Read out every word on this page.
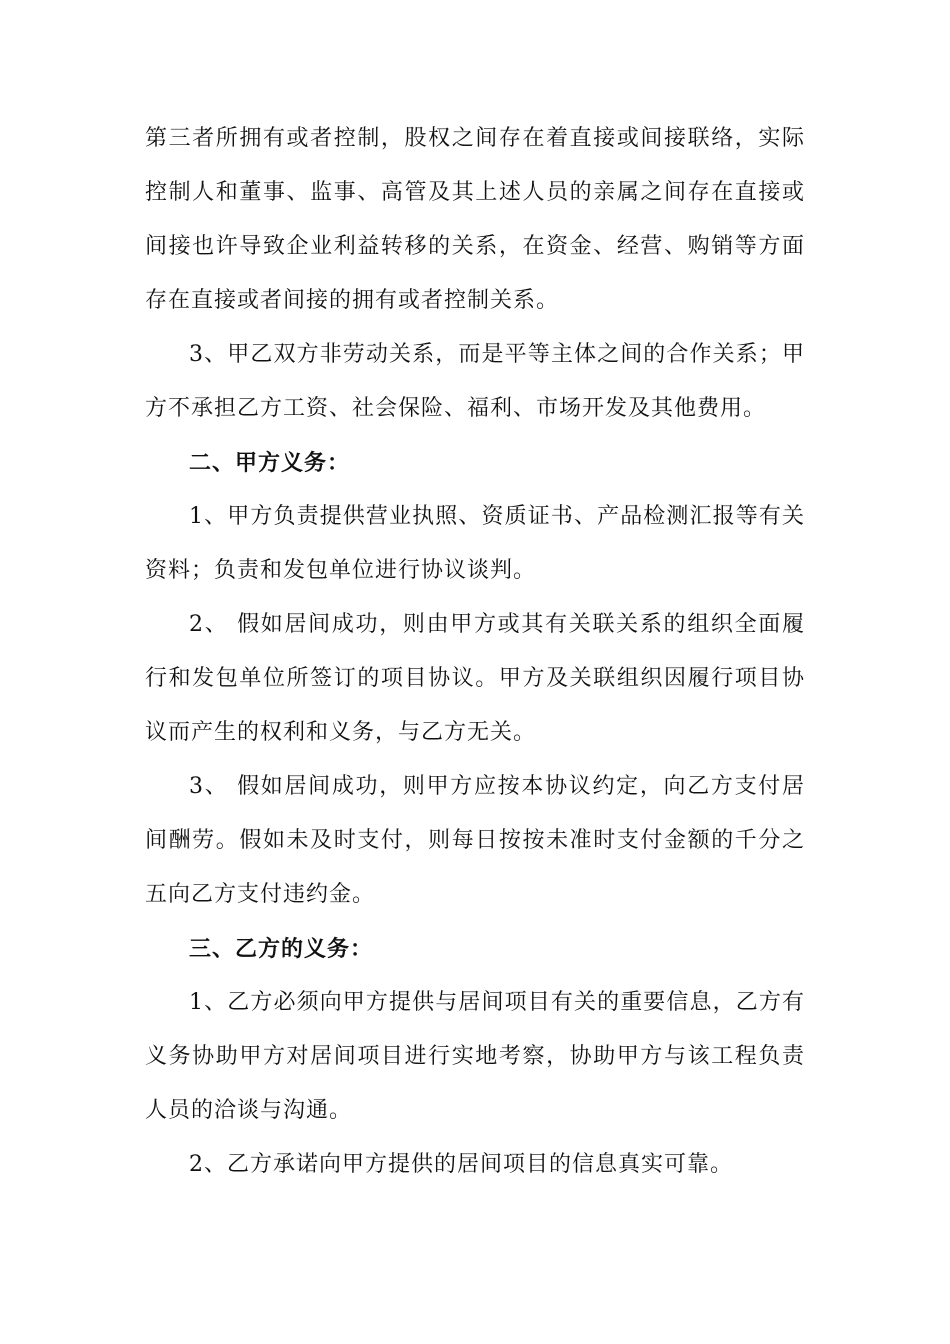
第三者所拥有或者控制，股权之间存在着直接或间接联络，实际控制人和董事、监事、高管及其上述人员的亲属之间存在直接或间接也许导致企业利益转移的关系，在资金、经营、购销等方面存在直接或者间接的拥有或者控制关系。

3、甲乙双方非劳动关系，而是平等主体之间的合作关系；甲方不承担乙方工资、社会保险、福利、市场开发及其他费用。

二、甲方义务：

1、甲方负责提供营业执照、资质证书、产品检测汇报等有关资料；负责和发包单位进行协议谈判。

2、 假如居间成功，则由甲方或其有关联关系的组织全面履行和发包单位所签订的项目协议。甲方及关联组织因履行项目协议而产生的权利和义务，与乙方无关。

3、 假如居间成功，则甲方应按本协议约定，向乙方支付居间酬劳。假如未及时支付，则每日按按未准时支付金额的千分之五向乙方支付违约金。

三、乙方的义务：

1、乙方必须向甲方提供与居间项目有关的重要信息，乙方有义务协助甲方对居间项目进行实地考察，协助甲方与该工程负责人员的洽谈与沟通。

2、乙方承诺向甲方提供的居间项目的信息真实可靠。
